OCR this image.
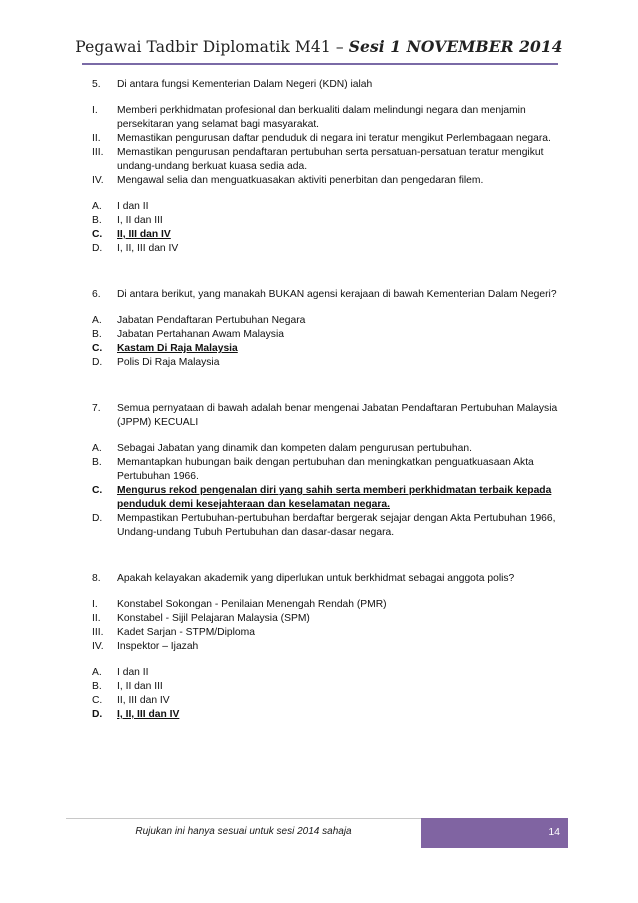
Pegawai Tadbir Diplomatik M41 – Sesi 1 NOVEMBER 2014
5.	Di antara fungsi Kementerian Dalam Negeri (KDN) ialah
I.	Memberi perkhidmatan profesional dan berkualiti dalam melindungi negara dan menjamin persekitaran yang selamat bagi masyarakat.
II.	Memastikan pengurusan daftar penduduk di negara ini teratur mengikut Perlembagaan negara.
III.	Memastikan pengurusan pendaftaran pertubuhan serta persatuan-persatuan teratur mengikut undang-undang berkuat kuasa sedia ada.
IV.	Mengawal selia dan menguatkuasakan aktiviti penerbitan dan pengedaran filem.
A.	I dan II
B.	I, II dan III
C.	II, III dan IV
D.	I, II, III dan IV
6.	Di antara berikut, yang manakah BUKAN agensi kerajaan di bawah Kementerian Dalam Negeri?
A.	Jabatan Pendaftaran Pertubuhan Negara
B.	Jabatan Pertahanan Awam Malaysia
C.	Kastam Di Raja Malaysia
D.	Polis Di Raja Malaysia
7.	Semua pernyataan di bawah adalah benar mengenai Jabatan Pendaftaran Pertubuhan Malaysia (JPPM) KECUALI
A.	Sebagai Jabatan yang dinamik dan kompeten dalam pengurusan pertubuhan.
B.	Memantapkan hubungan baik dengan pertubuhan dan meningkatkan penguatkuasaan Akta Pertubuhan 1966.
C.	Mengurus rekod pengenalan diri yang sahih serta memberi perkhidmatan terbaik kepada penduduk demi kesejahteraan dan keselamatan negara.
D.	Mempastikan Pertubuhan-pertubuhan berdaftar bergerak sejajar dengan Akta Pertubuhan 1966, Undang-undang Tubuh Pertubuhan dan dasar-dasar negara.
8.	Apakah kelayakan akademik yang diperlukan untuk berkhidmat sebagai anggota polis?
I.	Konstabel Sokongan - Penilaian Menengah Rendah (PMR)
II.	Konstabel - Sijil Pelajaran Malaysia (SPM)
III.	Kadet Sarjan - STPM/Diploma
IV.	Inspektor – Ijazah
A.	I dan II
B.	I, II dan III
C.	II, III dan IV
D.	I, II, III dan IV
Rujukan ini hanya sesuai untuk sesi 2014 sahaja	14
